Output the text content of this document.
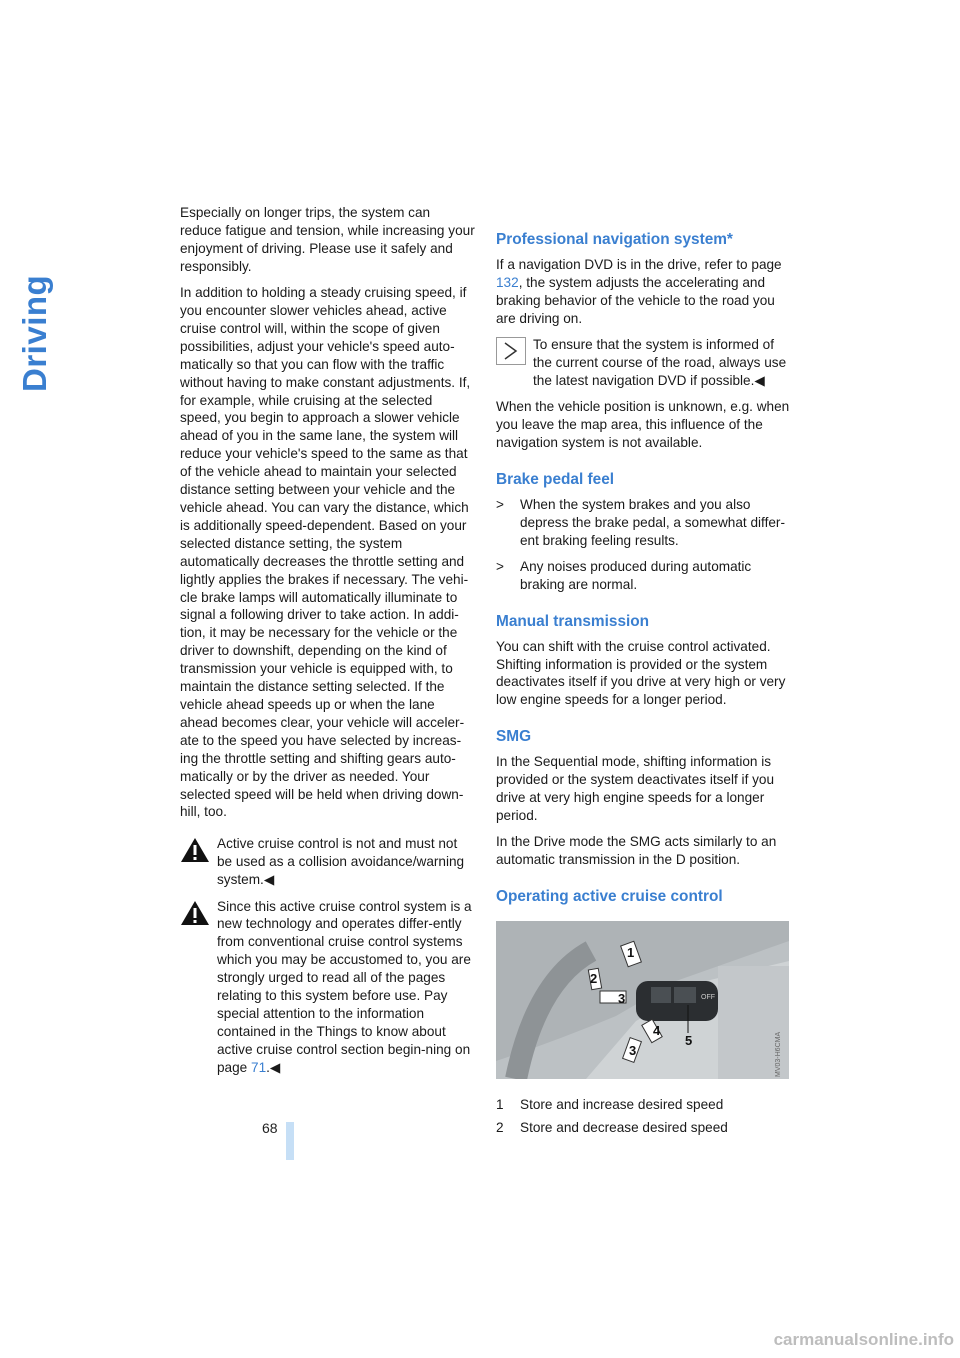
Driving

Especially on longer trips, the system can reduce fatigue and tension, while increasing your enjoyment of driving. Please use it safely and responsibly.

In addition to holding a steady cruising speed, if you encounter slower vehicles ahead, active cruise control will, within the scope of given possibilities, adjust your vehicle's speed auto-matically so that you can flow with the traffic without having to make constant adjustments. If, for example, while cruising at the selected speed, you begin to approach a slower vehicle ahead of you in the same lane, the system will reduce your vehicle's speed to the same as that of the vehicle ahead to maintain your selected distance setting between your vehicle and the vehicle ahead. You can vary the distance, which is additionally speed-dependent. Based on your selected distance setting, the system automatically decreases the throttle setting and lightly applies the brakes if necessary. The vehi-cle brake lamps will automatically illuminate to signal a following driver to take action. In addi-tion, it may be necessary for the vehicle or the driver to downshift, depending on the kind of transmission your vehicle is equipped with, to maintain the distance setting selected. If the vehicle ahead speeds up or when the lane ahead becomes clear, your vehicle will acceler-ate to the speed you have selected by increas-ing the throttle setting and shifting gears auto-matically or by the driver as needed. Your selected speed will be held when driving down-hill, too.

Active cruise control is not and must not be used as a collision avoidance/warning system.◀

Since this active cruise control system is a new technology and operates differ-ently from conventional cruise control systems which you may be accustomed to, you are strongly urged to read all of the pages relating to this system before use. Pay special attention to the information contained in the Things to know about active cruise control section begin-ning on page 71.◀

Professional navigation system*

If a navigation DVD is in the drive, refer to page 132, the system adjusts the accelerating and braking behavior of the vehicle to the road you are driving on.

To ensure that the system is informed of the current course of the road, always use the latest navigation DVD if possible.◀

When the vehicle position is unknown, e.g. when you leave the map area, this influence of the navigation system is not available.

Brake pedal feel
> When the system brakes and you also depress the brake pedal, a somewhat differ-ent braking feeling results.
> Any noises produced during automatic braking are normal.
Manual transmission

You can shift with the cruise control activated. Shifting information is provided or the system deactivates itself if you drive at very high or very low engine speeds for a longer period.

SMG

In the Sequential mode, shifting information is provided or the system deactivates itself if you drive at very high engine speeds for a longer period.

In the Drive mode the SMG acts similarly to an automatic transmission in the D position.

Operating active cruise control
OFF
1
2
4
3
5
3	MV03-H6CMA
1	Store and increase desired speed
2	Store and decrease desired speed
68
carmanualsonline.info
